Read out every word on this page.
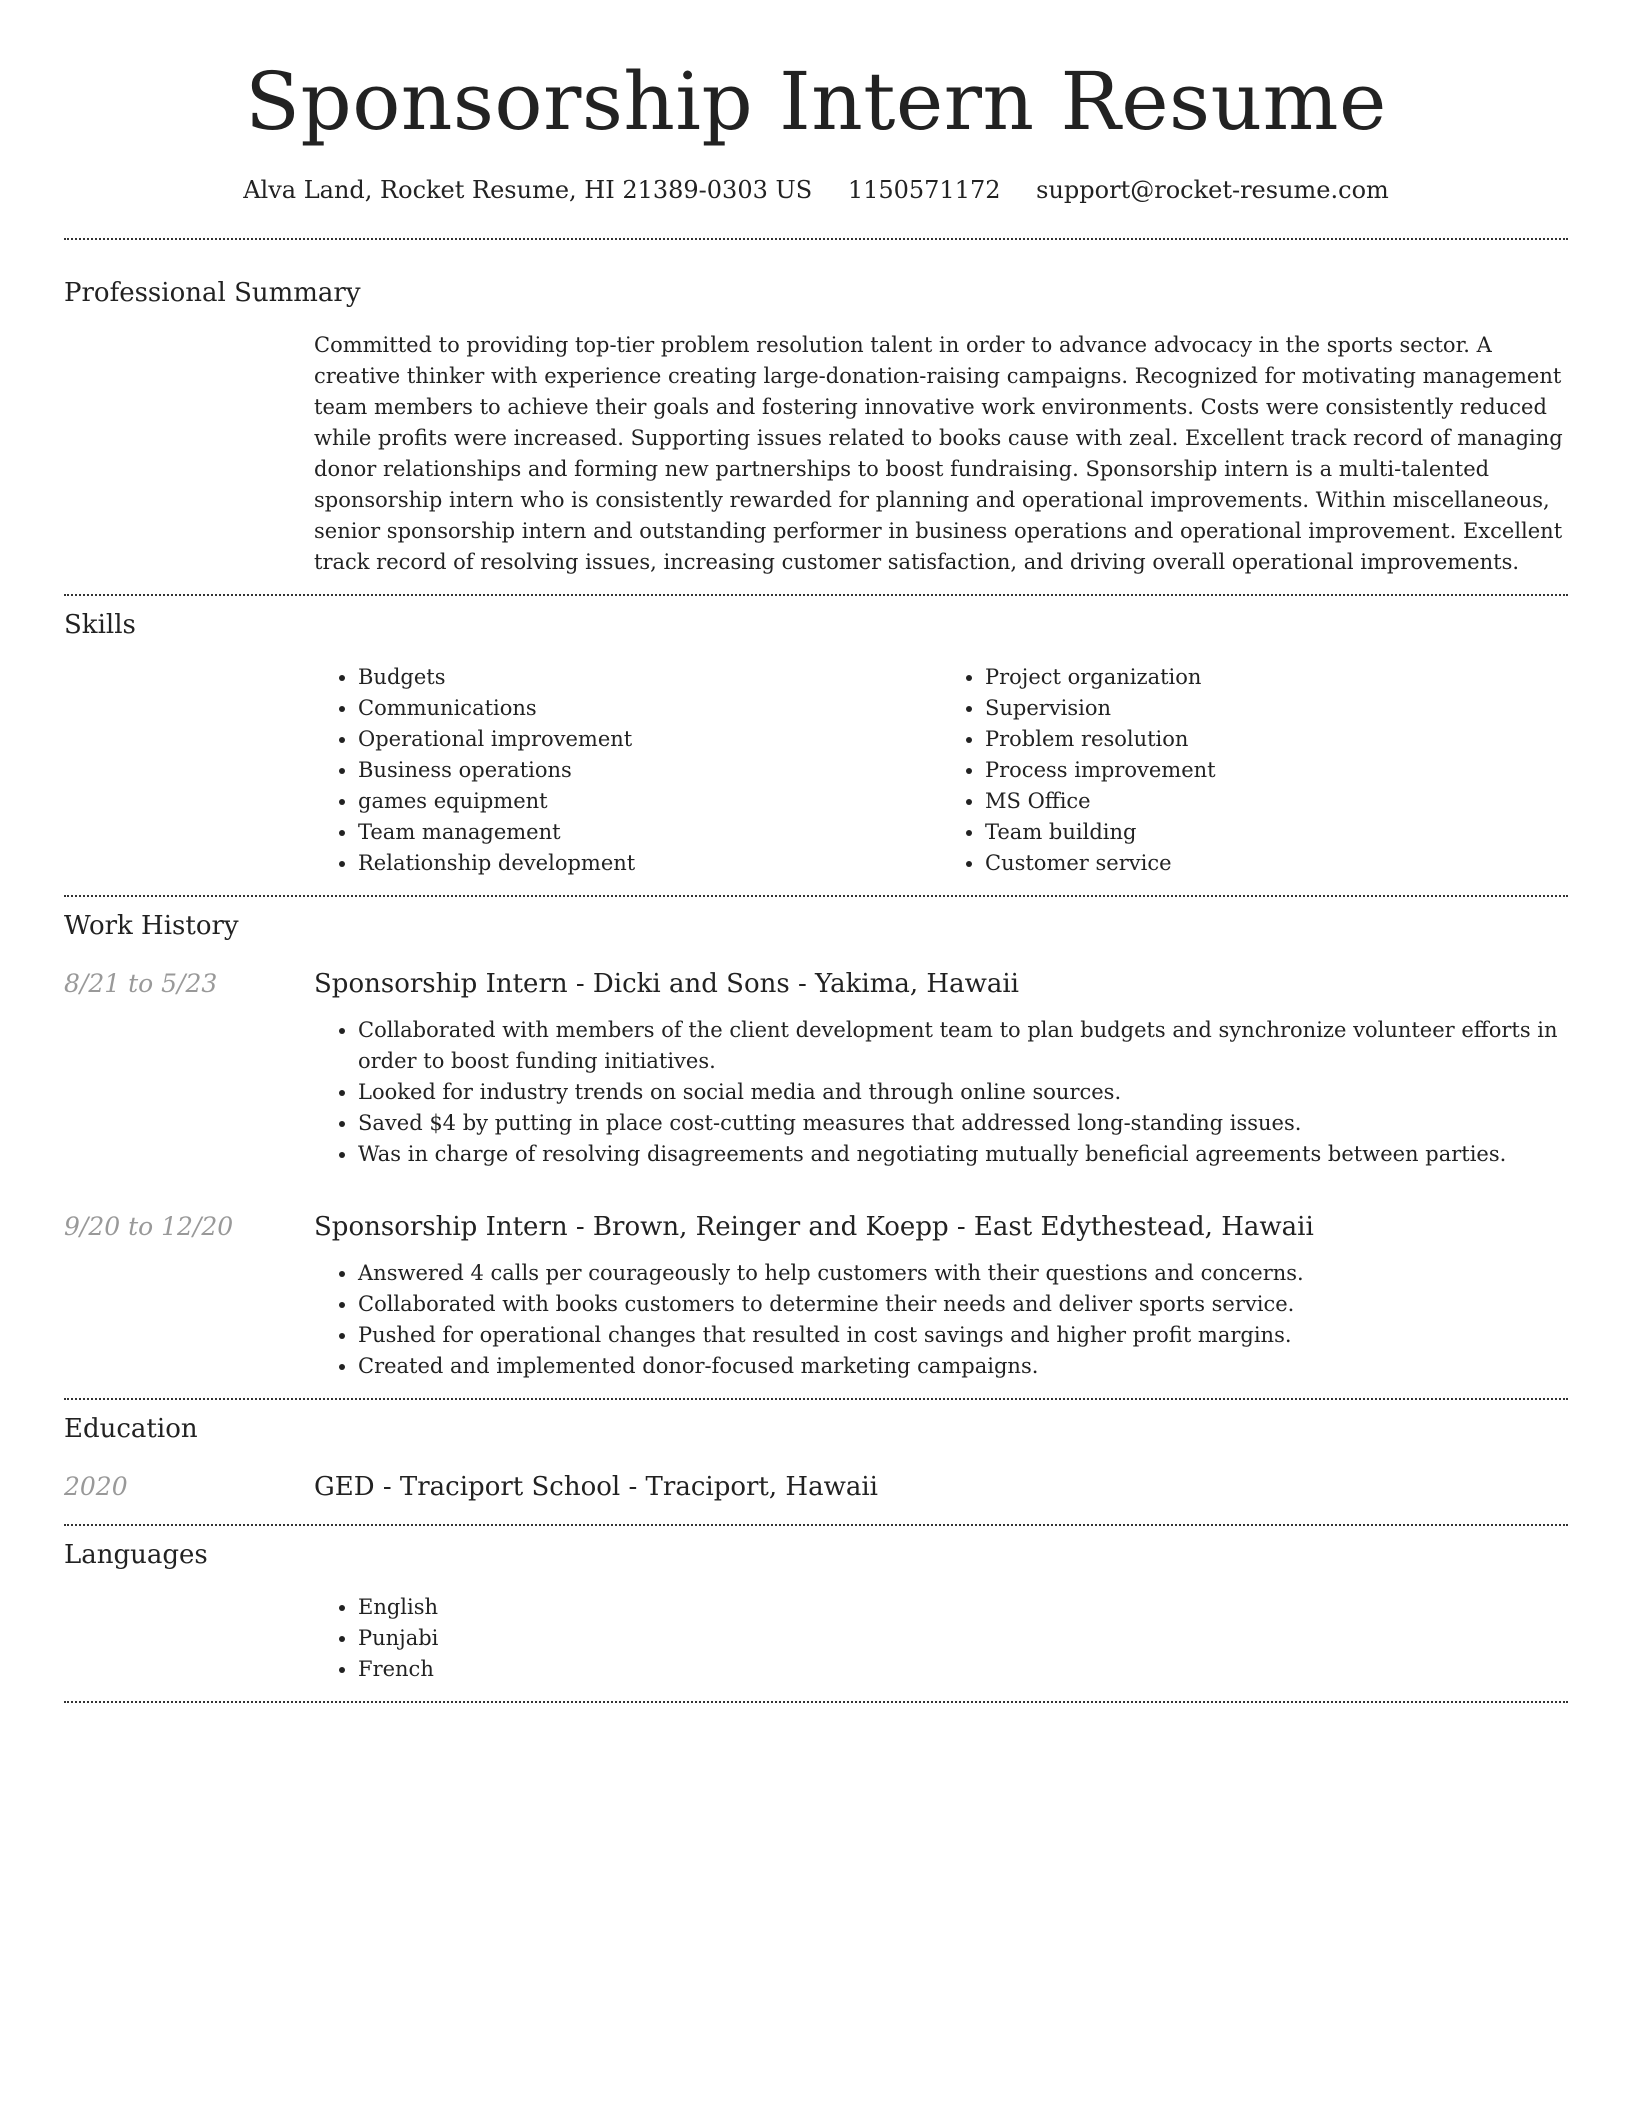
Sponsorship Intern Resume
Alva Land, Rocket Resume, HI 21389-0303 US 1150571172 support@rocket-resume.com
Professional Summary

Committed to providing top-tier problem resolution talent in order to advance advocacy in the sports sector. A creative thinker with experience creating large-donation-raising campaigns. Recognized for motivating management team members to achieve their goals and fostering innovative work environments. Costs were consistently reduced while profits were increased. Supporting issues related to books cause with zeal. Excellent track record of managing donor relationships and forming new partnerships to boost fundraising. Sponsorship intern is a multi-talented sponsorship intern who is consistently rewarded for planning and operational improvements. Within miscellaneous, senior sponsorship intern and outstanding performer in business operations and operational improvement. Excellent track record of resolving issues, increasing customer satisfaction, and driving overall operational improvements.

Skills
• Budgets
• Communications
• Operational improvement
• Business operations
• games equipment
• Team management
• Relationship development
• Project organization
• Supervision
• Problem resolution
• Process improvement
• MS Office
• Team building
• Customer service
Work History
8/21 to 5/23	Sponsorship Intern - Dicki and Sons - Yakima, Hawaii

• Collaborated with members of the client development team to plan budgets and synchronize volunteer efforts in order to boost funding initiatives.
• Looked for industry trends on social media and through online sources.
• Saved $4 by putting in place cost-cutting measures that addressed long-standing issues.
• Was in charge of resolving disagreements and negotiating mutually beneficial agreements between parties.
9/20 to 12/20	Sponsorship Intern - Brown, Reinger and Koepp - East Edythestead, Hawaii

• Answered 4 calls per courageously to help customers with their questions and concerns.
• Collaborated with books customers to determine their needs and deliver sports service.
• Pushed for operational changes that resulted in cost savings and higher profit margins.
• Created and implemented donor-focused marketing campaigns.
Education
2020	GED - Traciport School - Traciport, Hawaii

Languages
• English
• Punjabi
• French
